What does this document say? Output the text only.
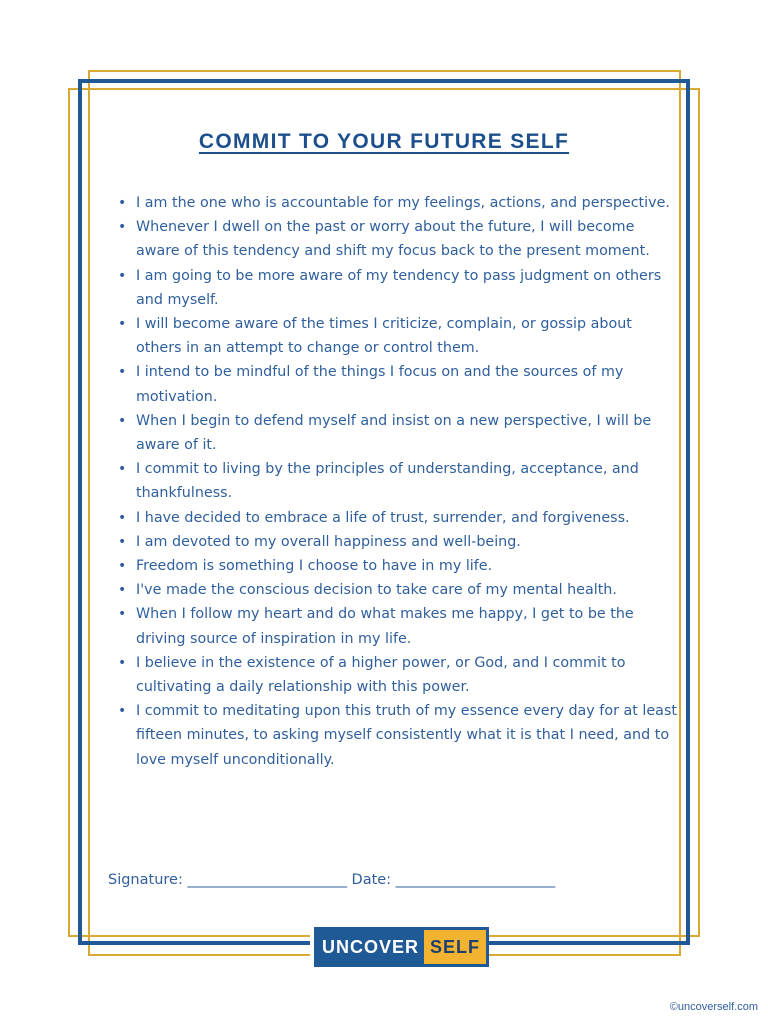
COMMIT TO YOUR FUTURE SELF
• I am the one who is accountable for my feelings, actions, and perspective.
• Whenever I dwell on the past or worry about the future, I will become aware of this tendency and shift my focus back to the present moment.
• I am going to be more aware of my tendency to pass judgment on others and myself.
• I will become aware of the times I criticize, complain, or gossip about others in an attempt to change or control them.
• I intend to be mindful of the things I focus on and the sources of my motivation.
• When I begin to defend myself and insist on a new perspective, I will be aware of it.
• I commit to living by the principles of understanding, acceptance, and thankfulness.
• I have decided to embrace a life of trust, surrender, and forgiveness.
• I am devoted to my overall happiness and well-being.
• Freedom is something I choose to have in my life.
• I've made the conscious decision to take care of my mental health.
• When I follow my heart and do what makes me happy, I get to be the driving source of inspiration in my life.
• I believe in the existence of a higher power, or God, and I commit to cultivating a daily relationship with this power.
• I commit to meditating upon this truth of my essence every day for at least fifteen minutes, to asking myself consistently what it is that I need, and to love myself unconditionally.
Signature: ______________________ Date: ______________________
UNCOVER SELF
©uncoverself.com
